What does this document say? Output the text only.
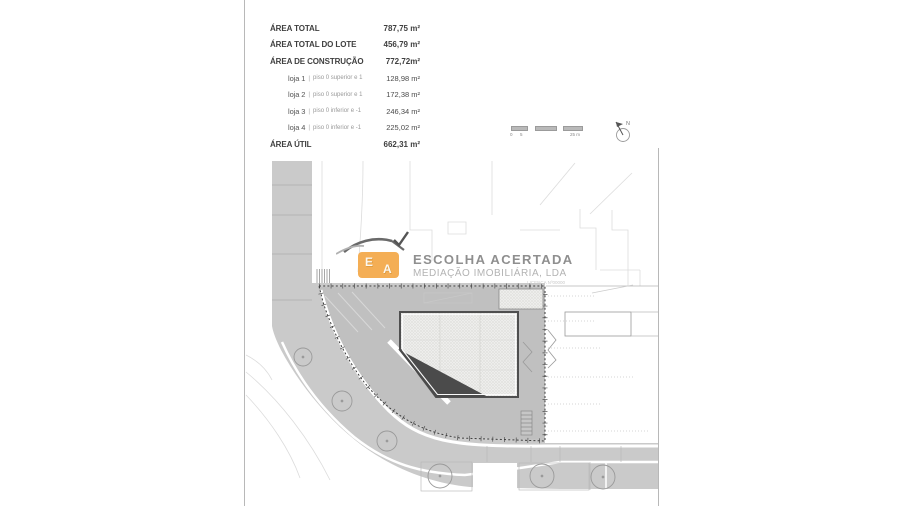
ÁREA TOTAL	787,75 m²
ÁREA TOTAL DO LOTE	456,79 m²
ÁREA DE CONSTRUÇÃO	772,72m²
loja 1 | piso 0 superior e 1	128,98 m²
loja 2 | piso 0 superior e 1	172,38 m²
loja 3 | piso 0 inferior e -1	246,34 m²
loja 4 | piso 0 inferior e -1	225,02 m²
ÁREA ÚTIL	662,31 m²
0 5	25 m
N
E A
ESCOLHA ACERTADA
MEDIAÇÃO IMOBILIÁRIA, LDA
LICENÇA Nº00000
